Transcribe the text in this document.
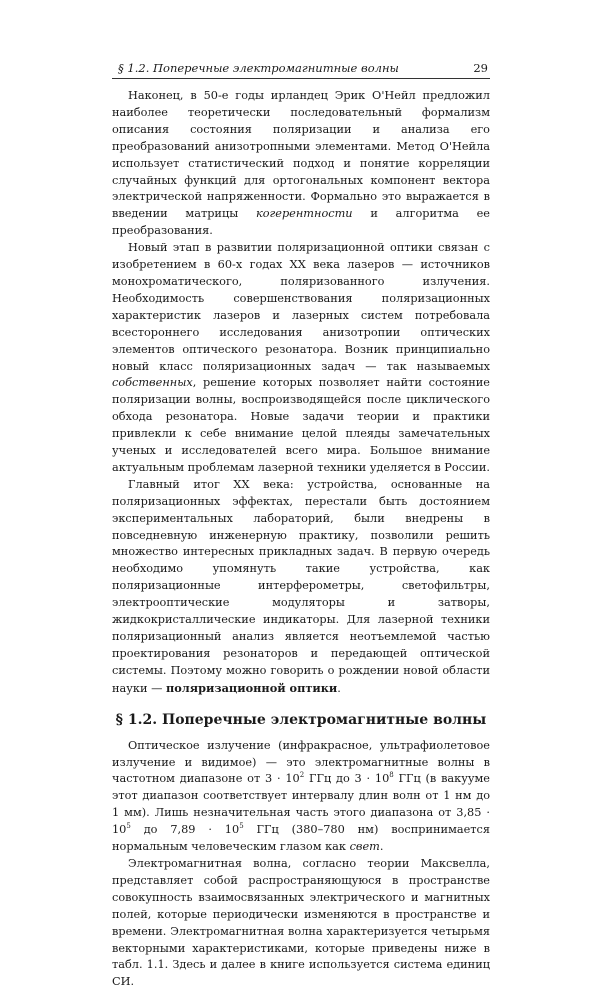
§ 1.2. Поперечные электромагнитные волны	29

Наконец, в 50-е годы ирландец Эрик О'Нейл предложил наиболее теоретически последовательный формализм описания состояния поляризации и анализа его преобразований анизотропными элементами. Метод О'Нейла использует статистический подход и понятие корреляции случайных функций для ортогональных компонент вектора электрической напряженности. Формально это выражается в введении матрицы когерентности и алгоритма ее преобразования.

Новый этап в развитии поляризационной оптики связан с изобретением в 60-х годах XX века лазеров — источников монохроматического, поляризованного излучения. Необходимость совершенствования поляризационных характеристик лазеров и лазерных систем потребовала всестороннего исследования анизотропии оптических элементов оптического резонатора. Возник принципиально новый класс поляризационных задач — так называемых собственных, решение которых позволяет найти состояние поляризации волны, воспроизводящейся после циклического обхода резонатора. Новые задачи теории и практики привлекли к себе внимание целой плеяды замечательных ученых и исследователей всего мира. Большое внимание актуальным проблемам лазерной техники уделяется в России.

Главный итог XX века: устройства, основанные на поляризационных эффектах, перестали быть достоянием экспериментальных лабораторий, были внедрены в повседневную инженерную практику, позволили решить множество интересных прикладных задач. В первую очередь необходимо упомянуть такие устройства, как поляризационные интерферометры, светофильтры, электрооптические модуляторы и затворы, жидкокристаллические индикаторы. Для лазерной техники поляризационный анализ является неотъемлемой частью проектирования резонаторов и передающей оптической системы. Поэтому можно говорить о рождении новой области науки — поляризационной оптики.

§ 1.2. Поперечные электромагнитные волны

Оптическое излучение (инфракрасное, ультрафиолетовое излучение и видимое) — это электромагнитные волны в частотном диапазоне от $3 \cdot 10^2$ ГГц до $3 \cdot 10^8$ ГГц (в вакууме этот диапазон соответствует интервалу длин волн от 1 нм до 1 мм). Лишь незначительная часть этого диапазона от $3,85 \cdot 10^5$ до $7,89 \cdot 10^5$ ГГц (380–780 нм) воспринимается нормальным человеческим глазом как свет.

Электромагнитная волна, согласно теории Максвелла, представляет собой распространяющуюся в пространстве совокупность взаимосвязанных электрического и магнитных полей, которые периодически изменяются в пространстве и времени. Электромагнитная волна характеризуется четырьмя векторными характеристиками, которые приведены ниже в табл. 1.1. Здесь и далее в книге используется система единиц СИ.
